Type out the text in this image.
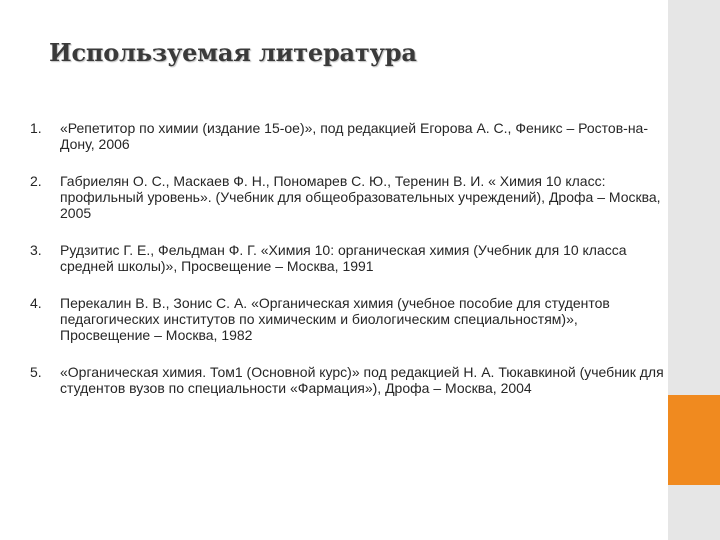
Используемая литература
1. «Репетитор по химии (издание 15-ое)», под редакцией Егорова А. С., Феникс – Ростов-на-Дону, 2006
2. Габриелян О. С., Маскаев Ф. Н., Пономарев С. Ю., Теренин В. И. « Химия 10 класс: профильный уровень». (Учебник для общеобразовательных учреждений), Дрофа – Москва, 2005
3. Рудзитис Г. Е., Фельдман Ф. Г. «Химия 10: органическая химия (Учебник для 10 класса средней школы)», Просвещение – Москва, 1991
4. Перекалин В. В., Зонис С. А. «Органическая химия (учебное пособие для студентов педагогических институтов по химическим и биологическим специальностям)», Просвещение – Москва, 1982
5. «Органическая химия. Том1 (Основной курс)» под редакцией Н. А. Тюкавкиной (учебник для студентов вузов по специальности «Фармация»), Дрофа – Москва, 2004
